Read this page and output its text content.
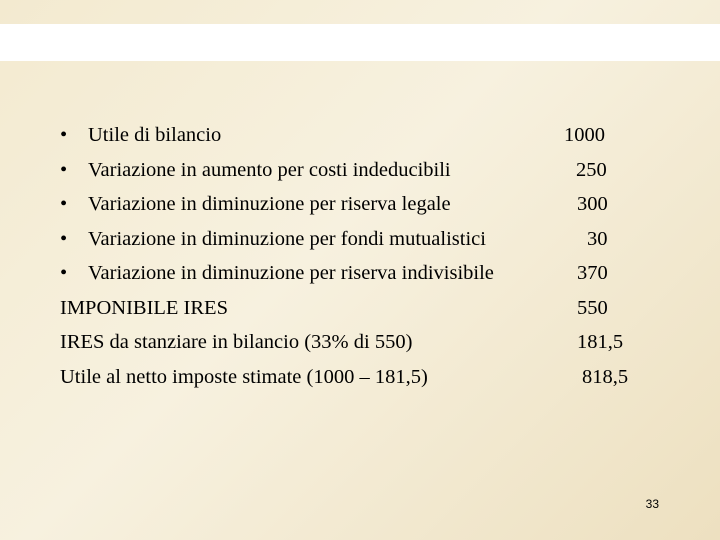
• Utile di bilancio	1000
• Variazione in aumento per costi indeducibili	250
• Variazione in diminuzione per riserva legale	300
• Variazione in diminuzione per fondi mutualistici	30
• Variazione in diminuzione per riserva indivisibile	370
IMPONIBILE IRES	550
IRES da stanziare in bilancio (33% di 550)	181,5
Utile al netto imposte stimate (1000 – 181,5)	818,5
33
